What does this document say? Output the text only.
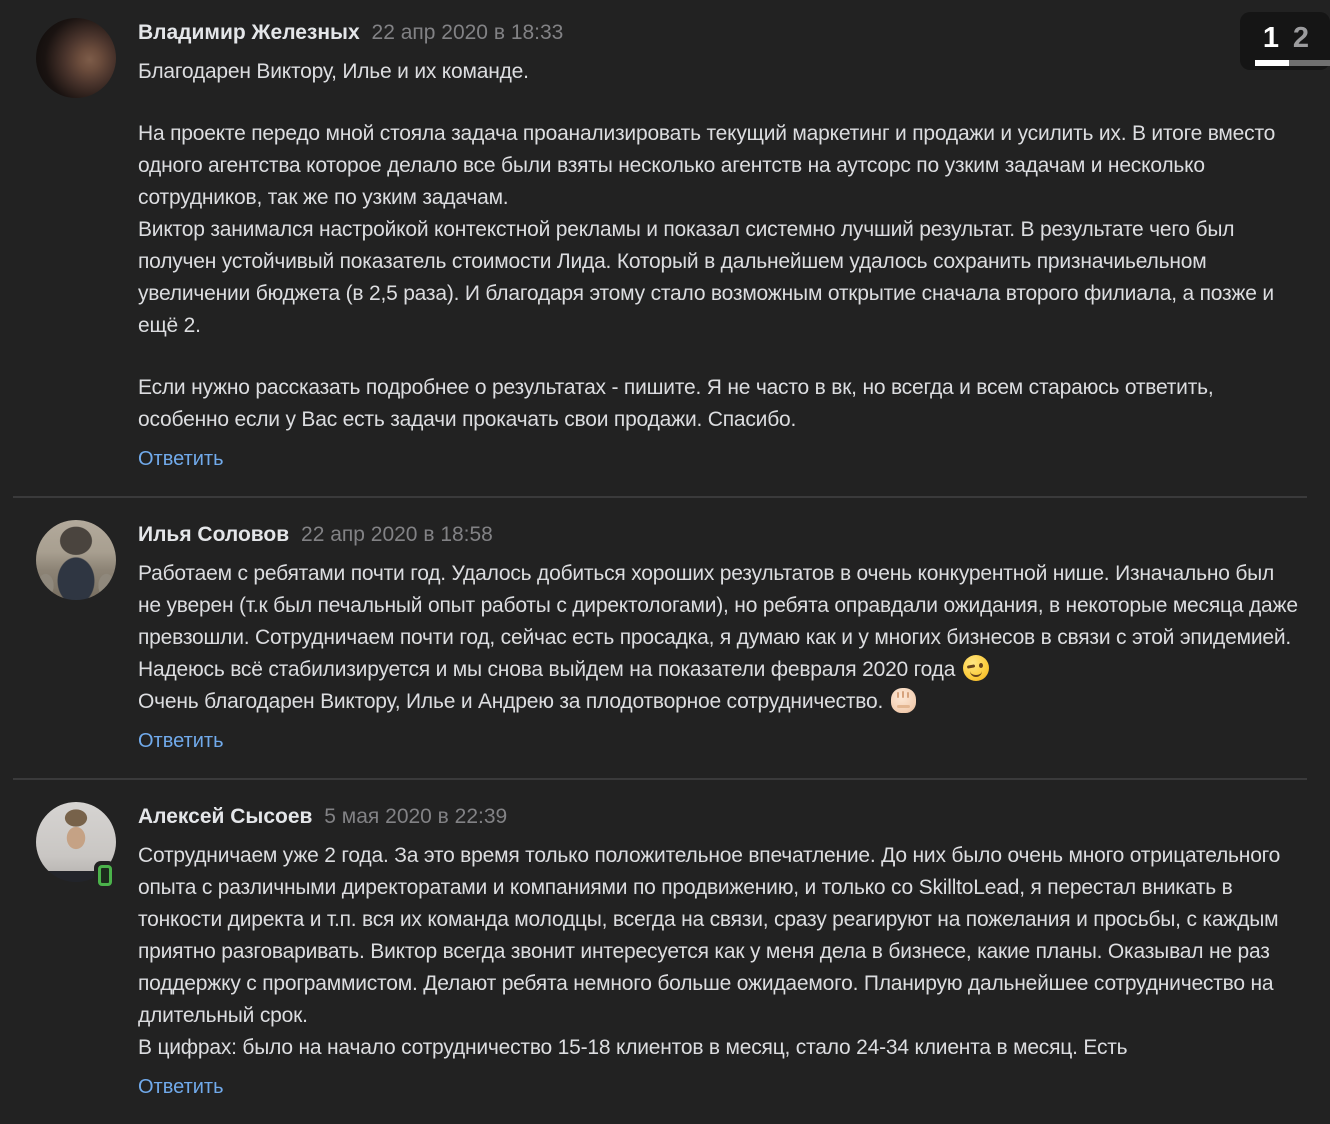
Владимир Железных 22 апр 2020 в 18:33

Благодарен Виктору, Илье и их команде.

На проекте передо мной стояла задача проанализировать текущий маркетинг и продажи и усилить их. В итоге вместо одного агентства которое делало все были взяты несколько агентств на аутсорс по узким задачам и несколько сотрудников, так же по узким задачам.
Виктор занимался настройкой контекстной рекламы и показал системно лучший результат. В результате чего был получен устойчивый показатель стоимости Лида. Который в дальнейшем удалось сохранить призначиьельном увеличении бюджета (в 2,5 раза). И благодаря этому стало возможным открытие сначала второго филиала, а позже и ещё 2.

Если нужно рассказать подробнее о результатах - пишите. Я не часто в вк, но всегда и всем стараюсь ответить, особенно если у Вас есть задачи прокачать свои продажи. Спасибо.

Ответить
Илья Соловов 22 апр 2020 в 18:58

Работаем с ребятами почти год. Удалось добиться хороших результатов в очень конкурентной нише. Изначально был не уверен (т.к был печальный опыт работы с директологами), но ребята оправдали ожидания, в некоторые месяца даже превзошли. Сотрудничаем почти год, сейчас есть просадка, я думаю как и у многих бизнесов в связи с этой эпидемией. Надеюсь всё стабилизируется и мы снова выйдем на показатели февраля 2020 года

Очень благодарен Виктору, Илье и Андрею за плодотворное сотрудничество.

Ответить
Алексей Сысоев 5 мая 2020 в 22:39

Сотрудничаем уже 2 года. За это время только положительное впечатление. До них было очень много отрицательного опыта с различными директоратами и компаниями по продвижению, и только со SkilltoLead, я перестал вникать в тонкости директа и т.п. вся их команда молодцы, всегда на связи, сразу реагируют на пожелания и просьбы, с каждым приятно разговаривать. Виктор всегда звонит интересуется как у меня дела в бизнесе, какие планы. Оказывал не раз поддержку с программистом. Делают ребята немного больше ожидаемого. Планирую дальнейшее сотрудничество на длительный срок.
В цифрах: было на начало сотрудничество 15-18 клиентов в месяц, стало 24-34 клиента в месяц. Есть

Ответить
1 2
